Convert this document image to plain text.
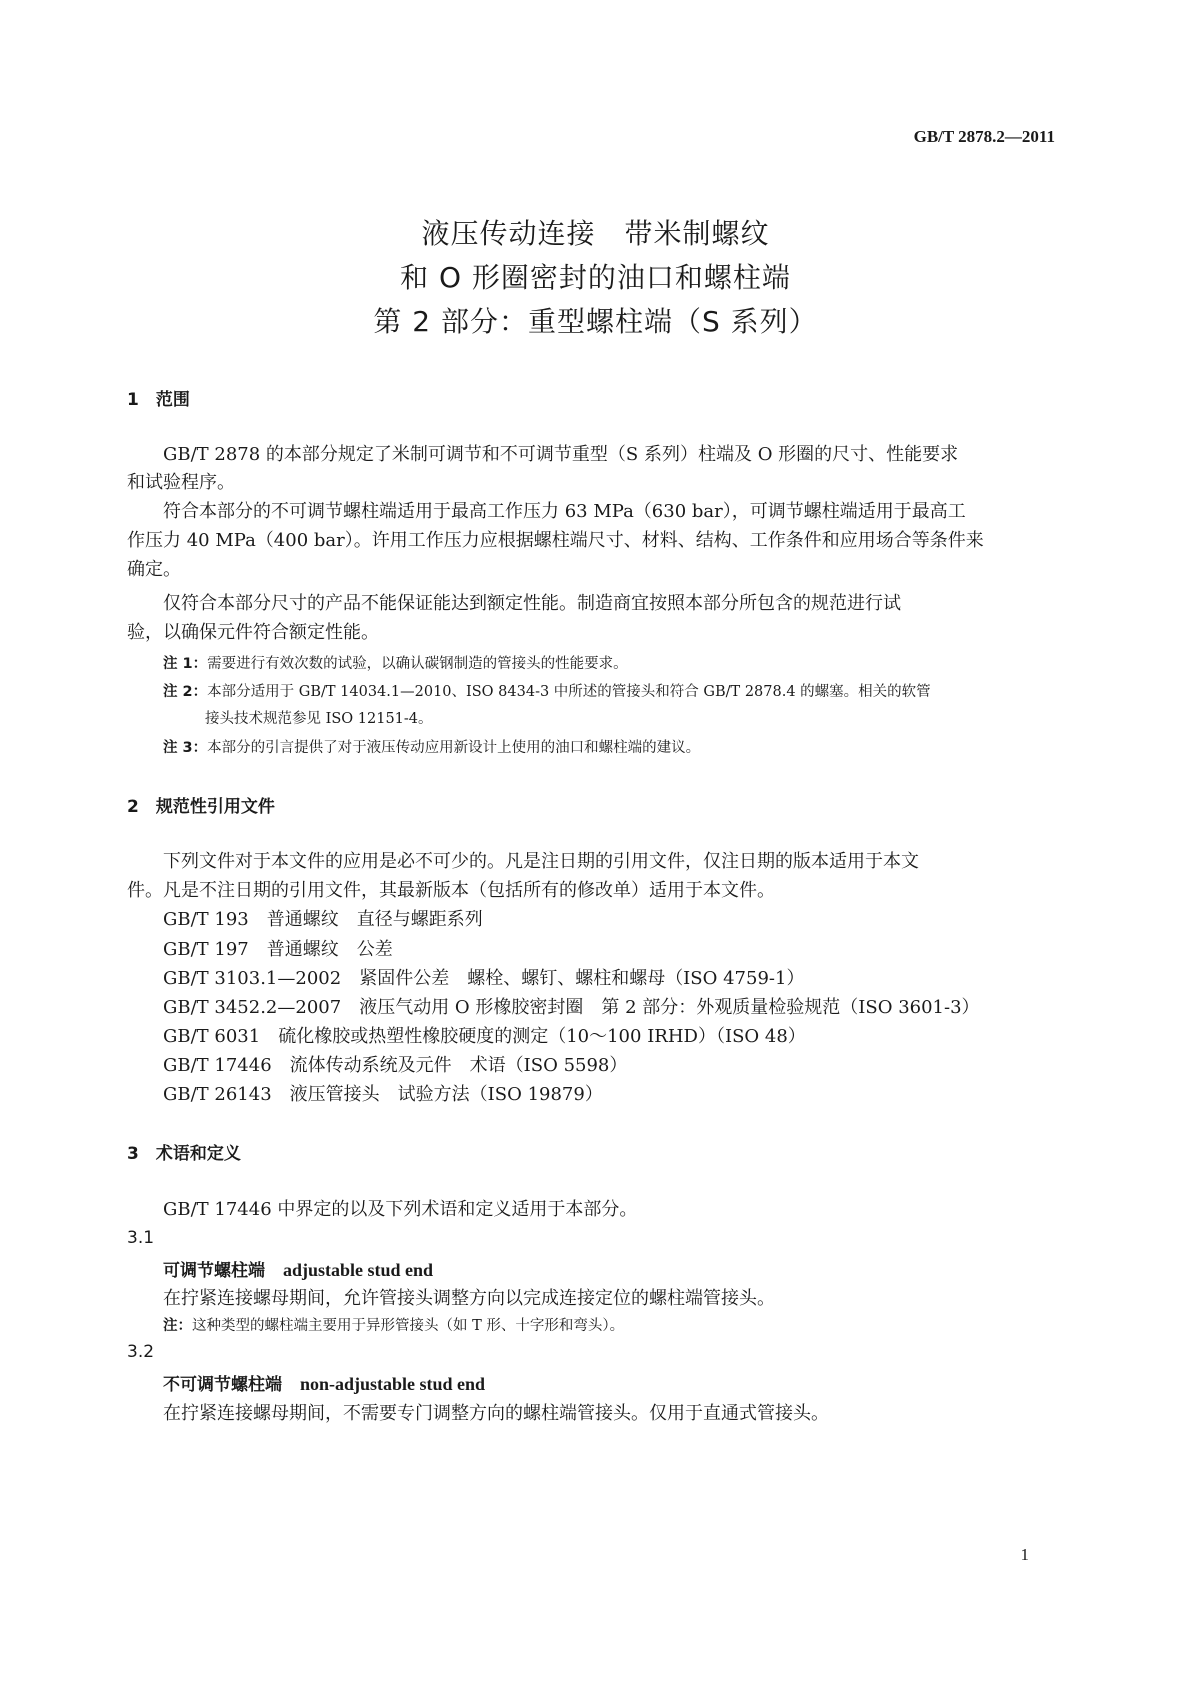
GB/T 2878.2—2011
液压传动连接　带米制螺纹
和 O 形圈密封的油口和螺柱端
第 2 部分：重型螺柱端（S 系列）
1　范围
GB/T 2878 的本部分规定了米制可调节和不可调节重型（S 系列）柱端及 O 形圈的尺寸、性能要求
和试验程序。
符合本部分的不可调节螺柱端适用于最高工作压力 63 MPa（630 bar），可调节螺柱端适用于最高工
作压力 40 MPa（400 bar）。许用工作压力应根据螺柱端尺寸、材料、结构、工作条件和应用场合等条件来
确定。
仅符合本部分尺寸的产品不能保证能达到额定性能。制造商宜按照本部分所包含的规范进行试
验，以确保元件符合额定性能。
注 1：需要进行有效次数的试验，以确认碳钢制造的管接头的性能要求。
注 2：本部分适用于 GB/T 14034.1—2010、ISO 8434-3 中所述的管接头和符合 GB/T 2878.4 的螺塞。相关的软管
接头技术规范参见 ISO 12151-4。
注 3：本部分的引言提供了对于液压传动应用新设计上使用的油口和螺柱端的建议。
2　规范性引用文件
下列文件对于本文件的应用是必不可少的。凡是注日期的引用文件，仅注日期的版本适用于本文
件。凡是不注日期的引用文件，其最新版本（包括所有的修改单）适用于本文件。
GB/T 193　普通螺纹　直径与螺距系列
GB/T 197　普通螺纹　公差
GB/T 3103.1—2002　紧固件公差　螺栓、螺钉、螺柱和螺母（ISO 4759-1）
GB/T 3452.2—2007　液压气动用 O 形橡胶密封圈　第 2 部分：外观质量检验规范（ISO 3601-3）
GB/T 6031　硫化橡胶或热塑性橡胶硬度的测定（10～100 IRHD）（ISO 48）
GB/T 17446　流体传动系统及元件　术语（ISO 5598）
GB/T 26143　液压管接头　试验方法（ISO 19879）
3　术语和定义
GB/T 17446 中界定的以及下列术语和定义适用于本部分。
3.1
可调节螺柱端 adjustable stud end
在拧紧连接螺母期间，允许管接头调整方向以完成连接定位的螺柱端管接头。
注：这种类型的螺柱端主要用于异形管接头（如 T 形、十字形和弯头）。
3.2
不可调节螺柱端 non-adjustable stud end
在拧紧连接螺母期间，不需要专门调整方向的螺柱端管接头。仅用于直通式管接头。
1
